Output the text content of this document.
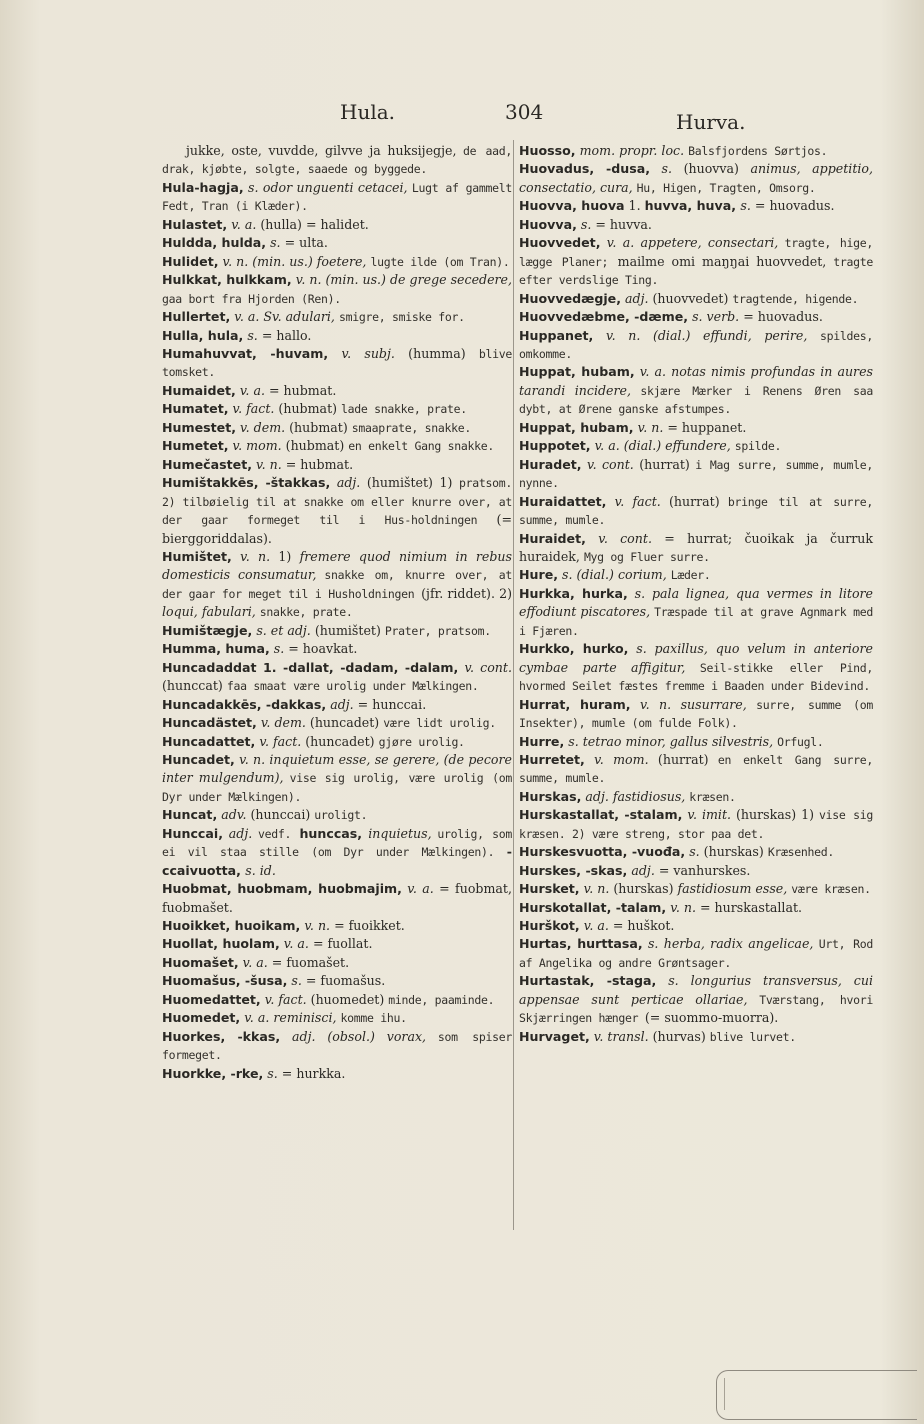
Hula.	304	Hurva.

jukke, oste, vuvdde, gilvve ja huksijegje, de aad, drak, kjøbte, solgte, saaede og byggede.

Hula-hagja, s. odor unguenti cetacei, Lugt af gammelt Fedt, Tran (i Klæder).

Hulastet, v. a. (hulla) = halidet.

Huldda, hulda, s. = ulta.

Hulidet, v. n. (min. us.) foetere, lugte ilde (om Tran).

Hulkkat, hulkkam, v. n. (min. us.) de grege secedere, gaa bort fra Hjorden (Ren).

Hullertet, v. a. Sv. adulari, smigre, smiske for.

Hulla, hula, s. = hallo.

Humahuvvat, -huvam, v. subj. (humma) blive tomsket.

Humaidet, v. a. = hubmat.

Humatet, v. fact. (hubmat) lade snakke, prate.

Humestet, v. dem. (hubmat) smaaprate, snakke.

Humetet, v. mom. (hubmat) en enkelt Gang snakke.

Humečastet, v. n. = hubmat.

Humištakkēs, -štakkas, adj. (humištet) 1) pratsom. 2) tilbøielig til at snakke om eller knurre over, at der gaar formeget til i Hus-holdningen (= bierggoriddalas).

Humištet, v. n. 1) fremere quod nimium in rebus domesticis consumatur, snakke om, knurre over, at der gaar for meget til i Husholdningen (jfr. riddet). 2) loqui, fabulari, snakke, prate.

Humištægje, s. et adj. (humištet) Prater, pratsom.

Humma, huma, s. = hoavkat.

Huncadaddat 1. -dallat, -dadam, -dalam, v. cont. (hunccat) faa smaat være urolig under Mælkingen.

Huncadakkēs, -dakkas, adj. = hunccai.

Huncadästet, v. dem. (huncadet) være lidt urolig.

Huncadattet, v. fact. (huncadet) gjøre urolig.

Huncadet, v. n. inquietum esse, se gerere, (de pecore inter mulgendum), vise sig urolig, være urolig (om Dyr under Mælkingen).

Huncat, adv. (hunccai) uroligt.

Hunccai, adj. vedf. hunccas, inquietus, urolig, som ei vil staa stille (om Dyr under Mælkingen). -ccaivuotta, s. id.

Huobmat, huobmam, huobmajim, v. a. = fuobmat, fuobmašet.

Huoikket, huoikam, v. n. = fuoikket.

Huollat, huolam, v. a. = fuollat.

Huomašet, v. a. = fuomašet.

Huomašus, -šusa, s. = fuomašus.

Huomedattet, v. fact. (huomedet) minde, paaminde.

Huomedet, v. a. reminisci, komme ihu.

Huorkes, -kkas, adj. (obsol.) vorax, som spiser formeget.

Huorkke, -rke, s. = hurkka.

Huosso, mom. propr. loc. Balsfjordens Sørtjos.

Huovadus, -dusa, s. (huovva) animus, appetitio, consectatio, cura, Hu, Higen, Tragten, Omsorg.

Huovva, huova 1. huvva, huva, s. = huovadus.

Huovva, s. = huvva.

Huovvedet, v. a. appetere, consectari, tragte, hige, lægge Planer; mailme omi maŋŋai huovvedet, tragte efter verdslige Ting.

Huovvedægje, adj. (huovvedet) tragtende, higende.

Huovvedæbme, -dæme, s. verb. = huovadus.

Huppanet, v. n. (dial.) effundi, perire, spildes, omkomme.

Huppat, hubam, v. a. notas nimis profundas in aures tarandi incidere, skjære Mærker i Renens Øren saa dybt, at Ørene ganske afstumpes.

Huppat, hubam, v. n. = huppanet.

Huppotet, v. a. (dial.) effundere, spilde.

Huradet, v. cont. (hurrat) i Mag surre, summe, mumle, nynne.

Huraidattet, v. fact. (hurrat) bringe til at surre, summe, mumle.

Huraidet, v. cont. = hurrat; čuoikak ja čurruk huraidek, Myg og Fluer surre.

Hure, s. (dial.) corium, Læder.

Hurkka, hurka, s. pala lignea, qua vermes in litore effodiunt piscatores, Træspade til at grave Agnmark med i Fjæren.

Hurkko, hurko, s. paxillus, quo velum in anteriore cymbae parte affigitur, Seil-stikke eller Pind, hvormed Seilet fæstes fremme i Baaden under Bidevind.

Hurrat, huram, v. n. susurrare, surre, summe (om Insekter), mumle (om fulde Folk).

Hurre, s. tetrao minor, gallus silvestris, Orfugl.

Hurretet, v. mom. (hurrat) en enkelt Gang surre, summe, mumle.

Hurskas, adj. fastidiosus, kræsen.

Hurskastallat, -stalam, v. imit. (hurskas) 1) vise sig kræsen. 2) være streng, stor paa det.

Hurskesvuotta, -vuođa, s. (hurskas) Kræsenhed.

Hurskes, -skas, adj. = vanhurskes.

Hursket, v. n. (hurskas) fastidiosum esse, være kræsen.

Hurskotallat, -talam, v. n. = hurskastallat.

Hurškot, v. a. = huškot.

Hurtas, hurttasa, s. herba, radix angelicae, Urt, Rod af Angelika og andre Grøntsager.

Hurtastak, -staga, s. longurius transversus, cui appensae sunt perticae ollariae, Tværstang, hvori Skjærringen hænger (= suommo-muorra).

Hurvaget, v. transl. (hurvas) blive lurvet.
